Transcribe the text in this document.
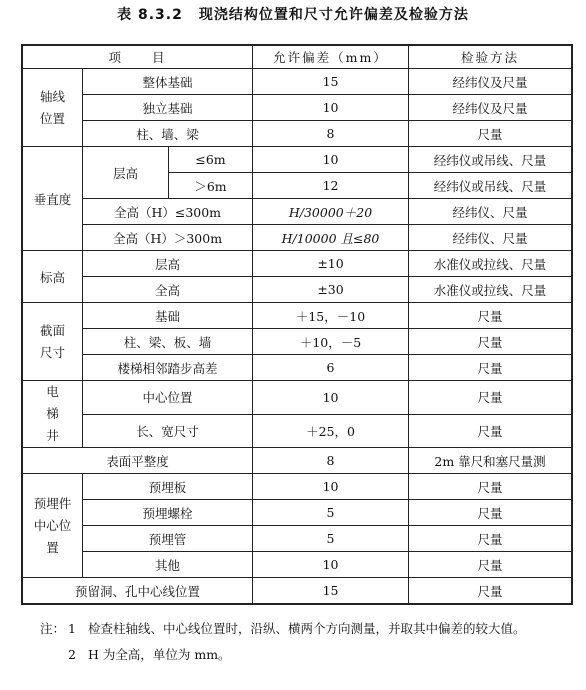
表 8.3.2 现浇结构位置和尺寸允许偏差及检验方法
项　　目			允许偏差（mm）	检验方法
轴线位置	整体基础		15	经纬仪及尺量
	独立基础		10	经纬仪及尺量
	柱、墙、梁		8	尺量
垂直度	层高	≤6m	10	经纬仪或吊线、尺量
		＞6m	12	经纬仪或吊线、尺量
	全高（H）≤300m		H/30000＋20	经纬仪、尺量
	全高（H）＞300m		H/10000 且≤80	经纬仪、尺量
标高	层高		±10	水准仪或拉线、尺量
	全高		±30	水准仪或拉线、尺量
截面尺寸	基础		＋15，－10	尺量
	柱、梁、板、墙		＋10，－5	尺量
	楼梯相邻踏步高差		6	尺量
电梯井	中心位置		10	尺量
	长、宽尺寸		＋25，0	尺量
表面平整度			8	2m 靠尺和塞尺量测
预埋件中心位置	预埋板		10	尺量
	预埋螺栓		5	尺量
	预埋管		5	尺量
	其他		10	尺量
预留洞、孔中心线位置			15	尺量
注： 1 检查柱轴线、中心线位置时，沿纵、横两个方向测量，并取其中偏差的较大值。
2 H 为全高，单位为 mm。
